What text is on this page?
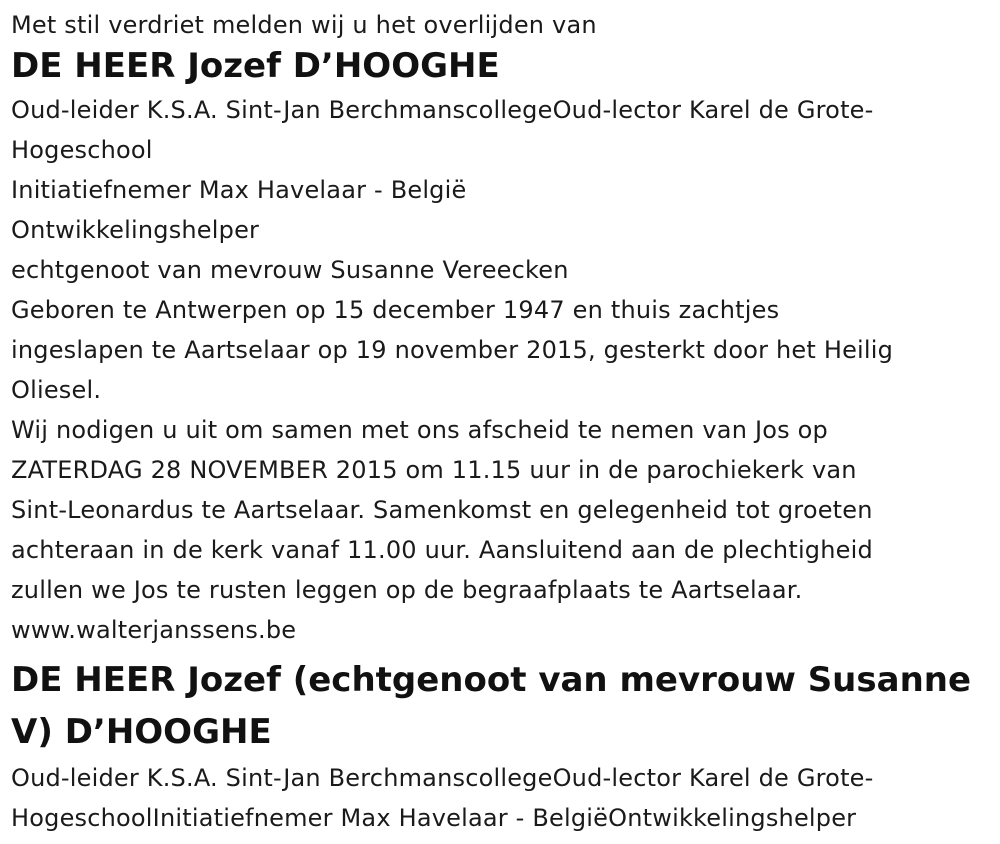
Met stil verdriet melden wij u het overlijden van
DE HEER Jozef D’HOOGHE
Oud-leider K.S.A. Sint-Jan BerchmanscollegeOud-lector Karel de Grote-
Hogeschool
Initiatiefnemer Max Havelaar - België
Ontwikkelingshelper
echtgenoot van mevrouw Susanne Vereecken
Geboren te Antwerpen op 15 december 1947 en thuis zachtjes
ingeslapen te Aartselaar op 19 november 2015, gesterkt door het Heilig
Oliesel.
Wij nodigen u uit om samen met ons afscheid te nemen van Jos op
ZATERDAG 28 NOVEMBER 2015 om 11.15 uur in de parochiekerk van
Sint-Leonardus te Aartselaar. Samenkomst en gelegenheid tot groeten
achteraan in de kerk vanaf 11.00 uur. Aansluitend aan de plechtigheid
zullen we Jos te rusten leggen op de begraafplaats te Aartselaar.
www.walterjanssens.be
DE HEER Jozef (echtgenoot van mevrouw Susanne
V) D’HOOGHE
Oud-leider K.S.A. Sint-Jan BerchmanscollegeOud-lector Karel de Grote-
HogeschoolInitiatiefnemer Max Havelaar - BelgiëOntwikkelingshelper
